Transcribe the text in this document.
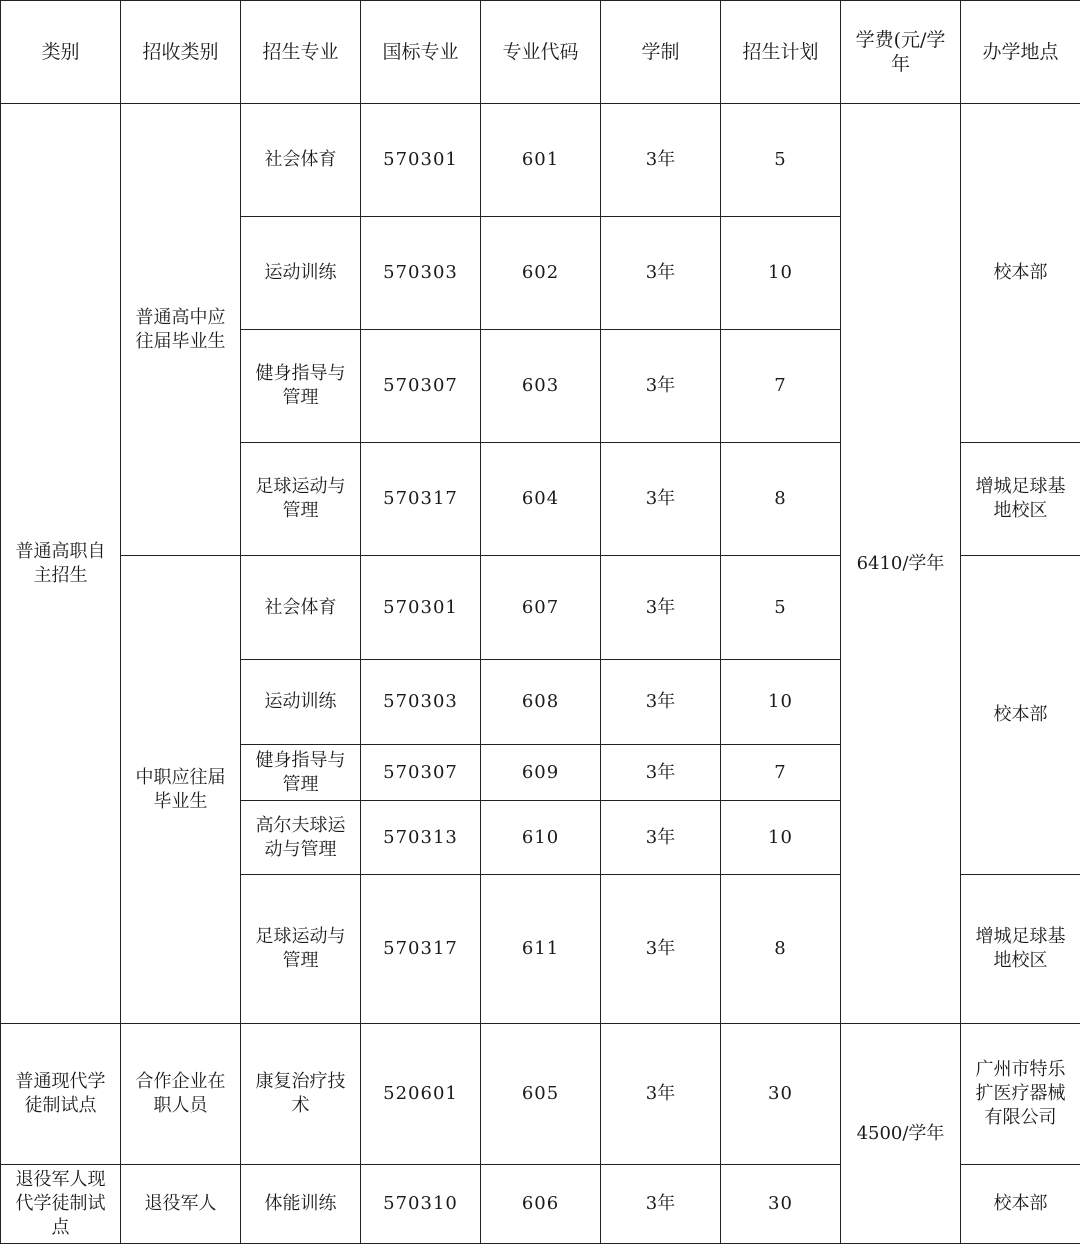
类别	招收类别	招生专业	国标专业	专业代码	学制	招生计划	学费(元/学年	办学地点
普通高职自主招生	普通高中应往届毕业生	社会体育	570301	601	3年	5	6410/学年	校本部
		运动训练	570303	602	3年	10		
		健身指导与管理	570307	603	3年	7		
		足球运动与管理	570317	604	3年	8		增城足球基地校区
	中职应往届毕业生	社会体育	570301	607	3年	5		校本部
		运动训练	570303	608	3年	10		
		健身指导与管理	570307	609	3年	7		
		高尔夫球运动与管理	570313	610	3年	10		
		足球运动与管理	570317	611	3年	8		增城足球基地校区
普通现代学徒制试点	合作企业在职人员	康复治疗技术	520601	605	3年	30	4500/学年	广州市特乐扩医疗器械有限公司
退役军人现代学徒制试点	退役军人	体能训练	570310	606	3年	30		校本部
